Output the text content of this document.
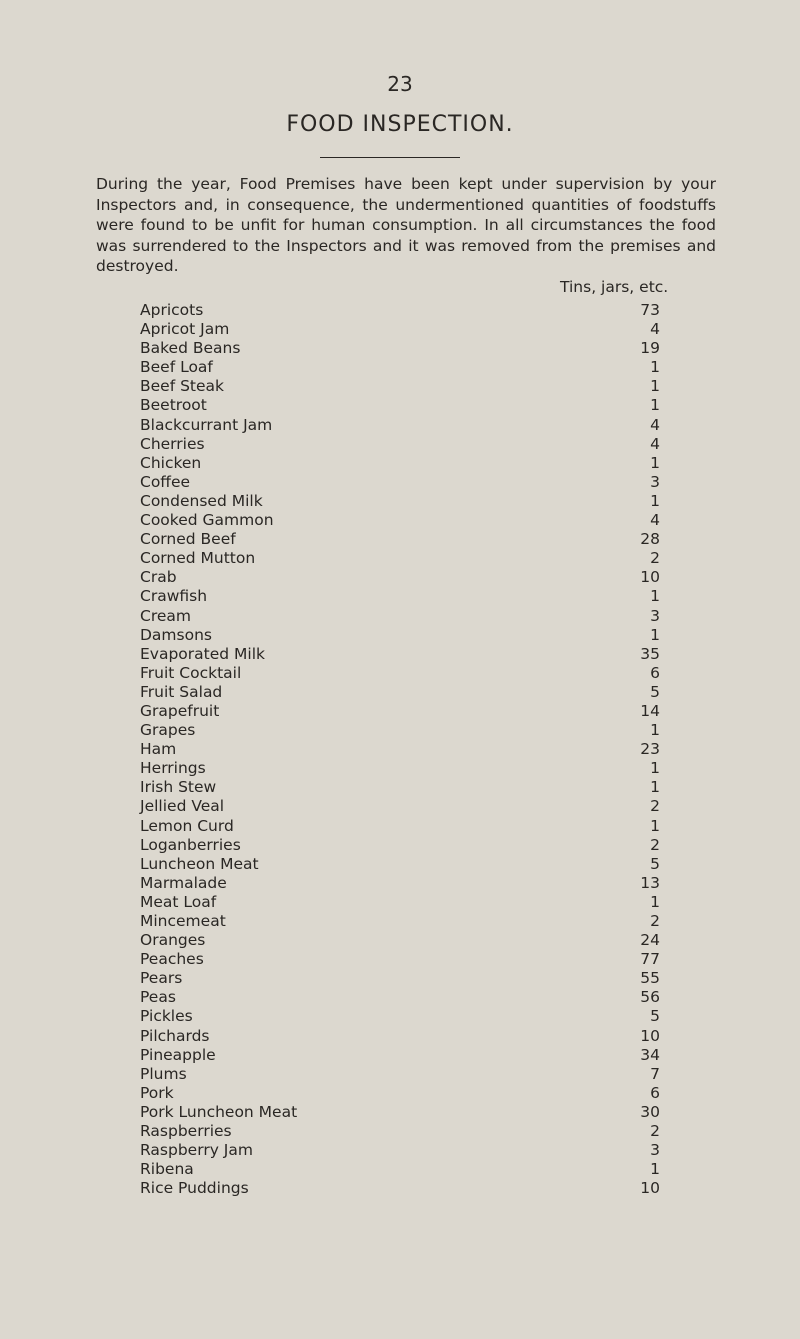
23
FOOD INSPECTION.

During the year, Food Premises have been kept under supervision by your Inspectors and, in consequence, the undermentioned quantities of foodstuffs were found to be unfit for human consumption. In all circumstances the food was surrendered to the Inspectors and it was removed from the premises and destroyed.

Tins, jars, etc.
Apricots	73
Apricot Jam	4
Baked Beans	19
Beef Loaf	1
Beef Steak	1
Beetroot	1
Blackcurrant Jam	4
Cherries	4
Chicken	1
Coffee	3
Condensed Milk	1
Cooked Gammon	4
Corned Beef	28
Corned Mutton	2
Crab	10
Crawfish	1
Cream	3
Damsons	1
Evaporated Milk	35
Fruit Cocktail	6
Fruit Salad	5
Grapefruit	14
Grapes	1
Ham	23
Herrings	1
Irish Stew	1
Jellied Veal	2
Lemon Curd	1
Loganberries	2
Luncheon Meat	5
Marmalade	13
Meat Loaf	1
Mincemeat	2
Oranges	24
Peaches	77
Pears	55
Peas	56
Pickles	5
Pilchards	10
Pineapple	34
Plums	7
Pork	6
Pork Luncheon Meat	30
Raspberries	2
Raspberry Jam	3
Ribena	1
Rice Puddings	10
